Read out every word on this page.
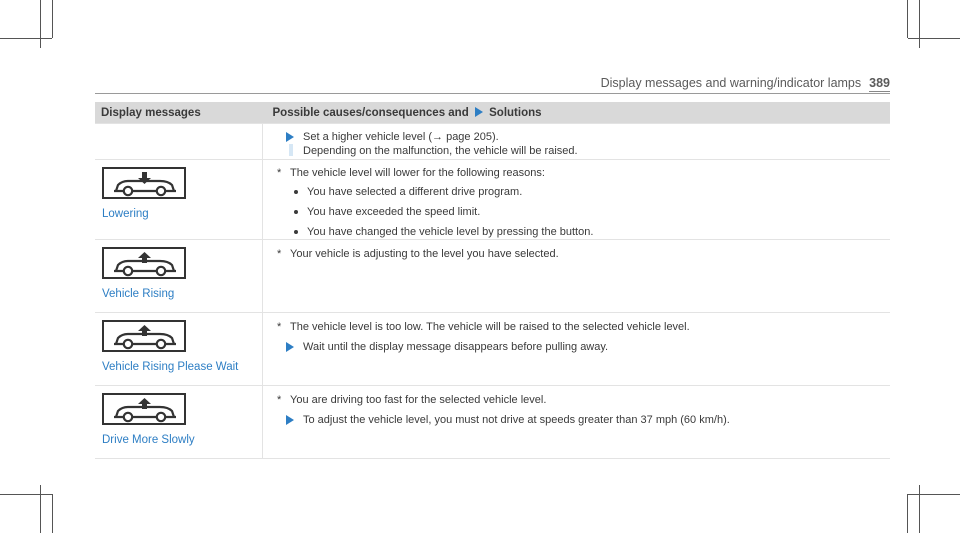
Display messages and warning/indicator lamps 389
Display messages	Possible causes/consequences and Solutions

	Set a higher vehicle level (→ page 205).
Depending on the malfunction, the vehicle will be raised.

Lowering	* The vehicle level will lower for the following reasons:
You have selected a different drive program.
You have exceeded the speed limit.
You have changed the vehicle level by pressing the button.

Vehicle Rising	* Your vehicle is adjusting to the level you have selected.

Vehicle Rising Please Wait	* The vehicle level is too low. The vehicle will be raised to the selected vehicle level.
Wait until the display message disappears before pulling away.

Drive More Slowly	* You are driving too fast for the selected vehicle level.
To adjust the vehicle level, you must not drive at speeds greater than 37 mph (60 km/h).
